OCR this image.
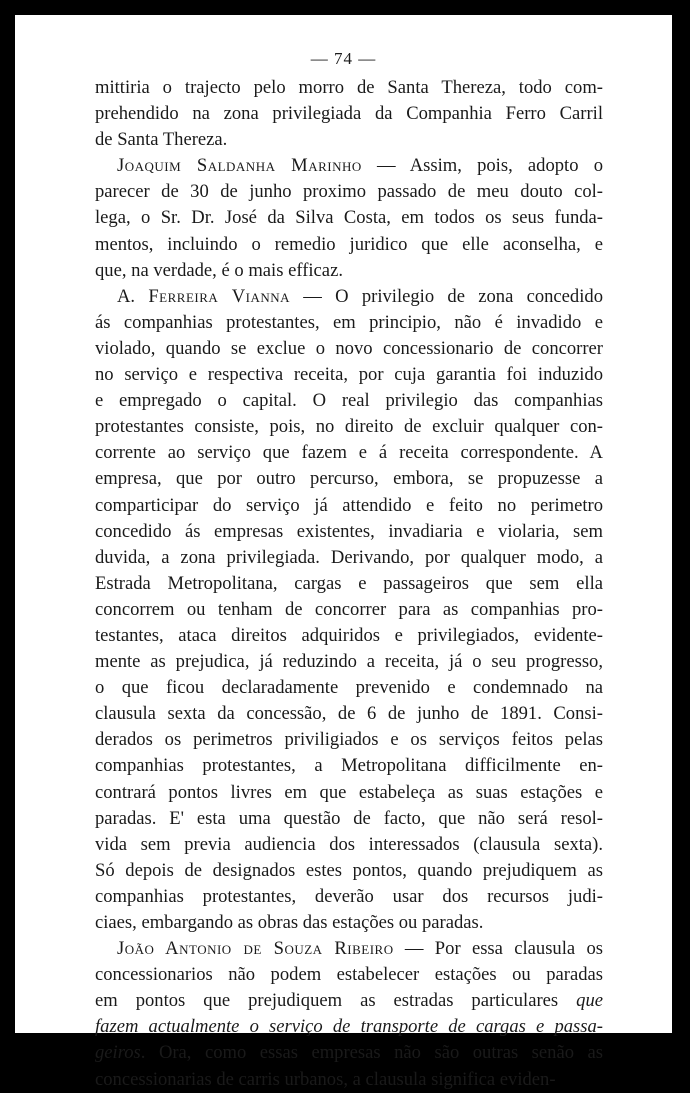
— 74 —
mittiria o trajecto pelo morro de Santa Thereza, todo com-
prehendido na zona privilegiada da Companhia Ferro Carril
de Santa Thereza.
Joaquim Saldanha Marinho — Assim, pois, adopto o
parecer de 30 de junho proximo passado de meu douto col-
lega, o Sr. Dr. José da Silva Costa, em todos os seus funda-
mentos, incluindo o remedio juridico que elle aconselha, e
que, na verdade, é o mais efficaz.
A. Ferreira Vianna — O privilegio de zona concedido
ás companhias protestantes, em principio, não é invadido e
violado, quando se exclue o novo concessionario de concorrer
no serviço e respectiva receita, por cuja garantia foi induzido
e empregado o capital. O real privilegio das companhias
protestantes consiste, pois, no direito de excluir qualquer con-
corrente ao serviço que fazem e á receita correspondente. A
empresa, que por outro percurso, embora, se propuzesse a
comparticipar do serviço já attendido e feito no perimetro
concedido ás empresas existentes, invadiaria e violaria, sem
duvida, a zona privilegiada. Derivando, por qualquer modo, a
Estrada Metropolitana, cargas e passageiros que sem ella
concorrem ou tenham de concorrer para as companhias pro-
testantes, ataca direitos adquiridos e privilegiados, evidente-
mente as prejudica, já reduzindo a receita, já o seu progresso,
o que ficou declaradamente prevenido e condemnado na
clausula sexta da concessão, de 6 de junho de 1891. Consi-
derados os perimetros priviligiados e os serviços feitos pelas
companhias protestantes, a Metropolitana difficilmente en-
contrará pontos livres em que estabeleça as suas estações e
paradas. E' esta uma questão de facto, que não será resol-
vida sem previa audiencia dos interessados (clausula sexta).
Só depois de designados estes pontos, quando prejudiquem as
companhias protestantes, deverão usar dos recursos judi-
ciaes, embargando as obras das estações ou paradas.
João Antonio de Souza Ribeiro — Por essa clausula os
concessionarios não podem estabelecer estações ou paradas
em pontos que prejudiquem as estradas particulares que
fazem actualmente o serviço de transporte de cargas e passa-
geiros. Ora, como essas empresas não são outras senão as
concessionarias de carris urbanos, a clausula significa eviden-
